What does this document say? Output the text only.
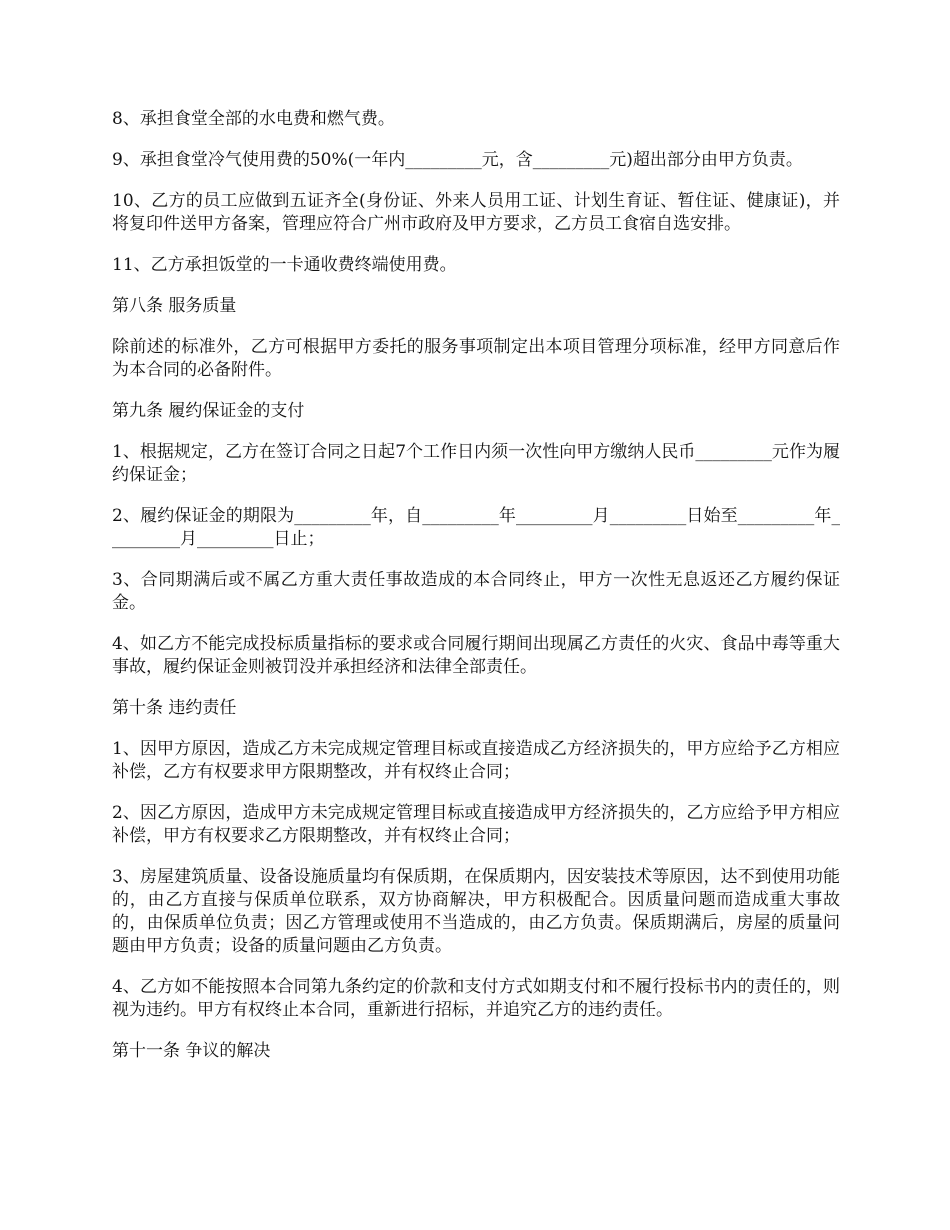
8、承担食堂全部的水电费和燃气费。

9、承担食堂冷气使用费的50%(一年内_________元，含_________元)超出部分由甲方负责。

10、乙方的员工应做到五证齐全(身份证、外来人员用工证、计划生育证、暂住证、健康证)，并将复印件送甲方备案，管理应符合广州市政府及甲方要求，乙方员工食宿自选安排。

11、乙方承担饭堂的一卡通收费终端使用费。

第八条 服务质量

除前述的标准外，乙方可根据甲方委托的服务事项制定出本项目管理分项标准，经甲方同意后作为本合同的必备附件。

第九条 履约保证金的支付

1、根据规定，乙方在签订合同之日起7个工作日内须一次性向甲方缴纳人民币_________元作为履约保证金；

2、履约保证金的期限为_________年，自_________年_________月_________日始至_________年_________月_________日止；

3、合同期满后或不属乙方重大责任事故造成的本合同终止，甲方一次性无息返还乙方履约保证金。

4、如乙方不能完成投标质量指标的要求或合同履行期间出现属乙方责任的火灾、食品中毒等重大事故，履约保证金则被罚没并承担经济和法律全部责任。

第十条 违约责任

1、因甲方原因，造成乙方未完成规定管理目标或直接造成乙方经济损失的，甲方应给予乙方相应补偿，乙方有权要求甲方限期整改，并有权终止合同；

2、因乙方原因，造成甲方未完成规定管理目标或直接造成甲方经济损失的，乙方应给予甲方相应补偿，甲方有权要求乙方限期整改，并有权终止合同；

3、房屋建筑质量、设备设施质量均有保质期，在保质期内，因安装技术等原因，达不到使用功能的，由乙方直接与保质单位联系，双方协商解决，甲方积极配合。因质量问题而造成重大事故的，由保质单位负责；因乙方管理或使用不当造成的，由乙方负责。保质期满后，房屋的质量问题由甲方负责；设备的质量问题由乙方负责。

4、乙方如不能按照本合同第九条约定的价款和支付方式如期支付和不履行投标书内的责任的，则视为违约。甲方有权终止本合同，重新进行招标，并追究乙方的违约责任。

第十一条 争议的解决
